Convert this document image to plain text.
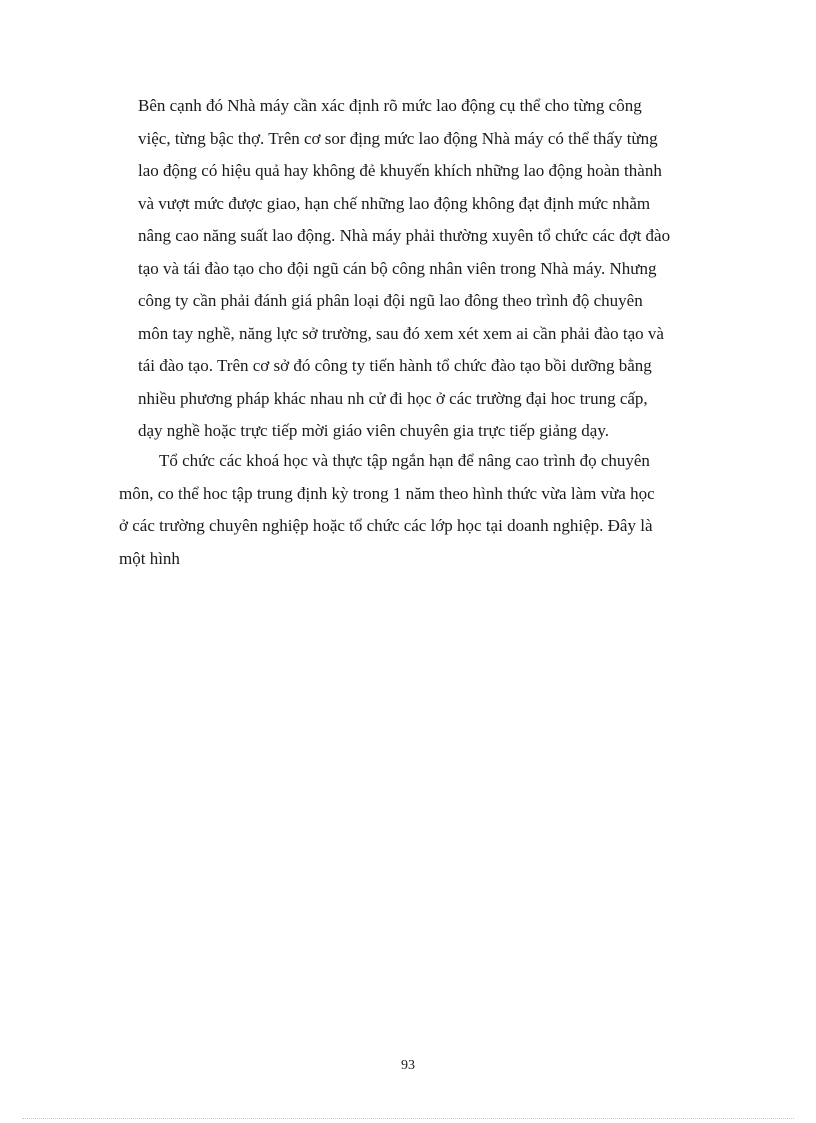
Bên cạnh đó Nhà máy cần xác định rõ mức lao động cụ thể cho từng công
việc, từng bậc thợ. Trên cơ sor địng mức lao động Nhà máy có thể thấy từng
lao động có hiệu quả hay không đẻ khuyến khích những lao động hoàn thành
và vượt mức được giao, hạn chế những lao động không đạt định mức nhằm
nâng cao năng suất lao động. Nhà máy phải thường xuyên tổ chức các đợt đào
tạo và tái đào tạo cho đội ngũ cán bộ công nhân viên trong Nhà máy. Nhưng
công ty cần phải đánh giá phân loại đội ngũ lao đông theo trình độ chuyên
môn tay nghề, năng lực sở trường, sau đó xem xét xem ai cần phải đào tạo và
tái đào tạo. Trên cơ sở đó công ty tiến hành tổ chức đào tạo bồi dưỡng bằng
nhiều phương pháp khác nhau nh cử đi học ở các trường đại hoc trung cấp,
dạy nghề hoặc trực tiếp mời giáo viên chuyên gia trực tiếp giảng dạy.
Tổ chức các khoá học và thực tập ngắn hạn để nâng cao trình đọ chuyên
môn, co thể hoc tập trung định kỳ trong 1 năm theo hình thức vừa làm vừa học
ở các trường chuyên nghiệp hoặc tổ chức các lớp học tại doanh nghiệp. Đây là
một hình
93
